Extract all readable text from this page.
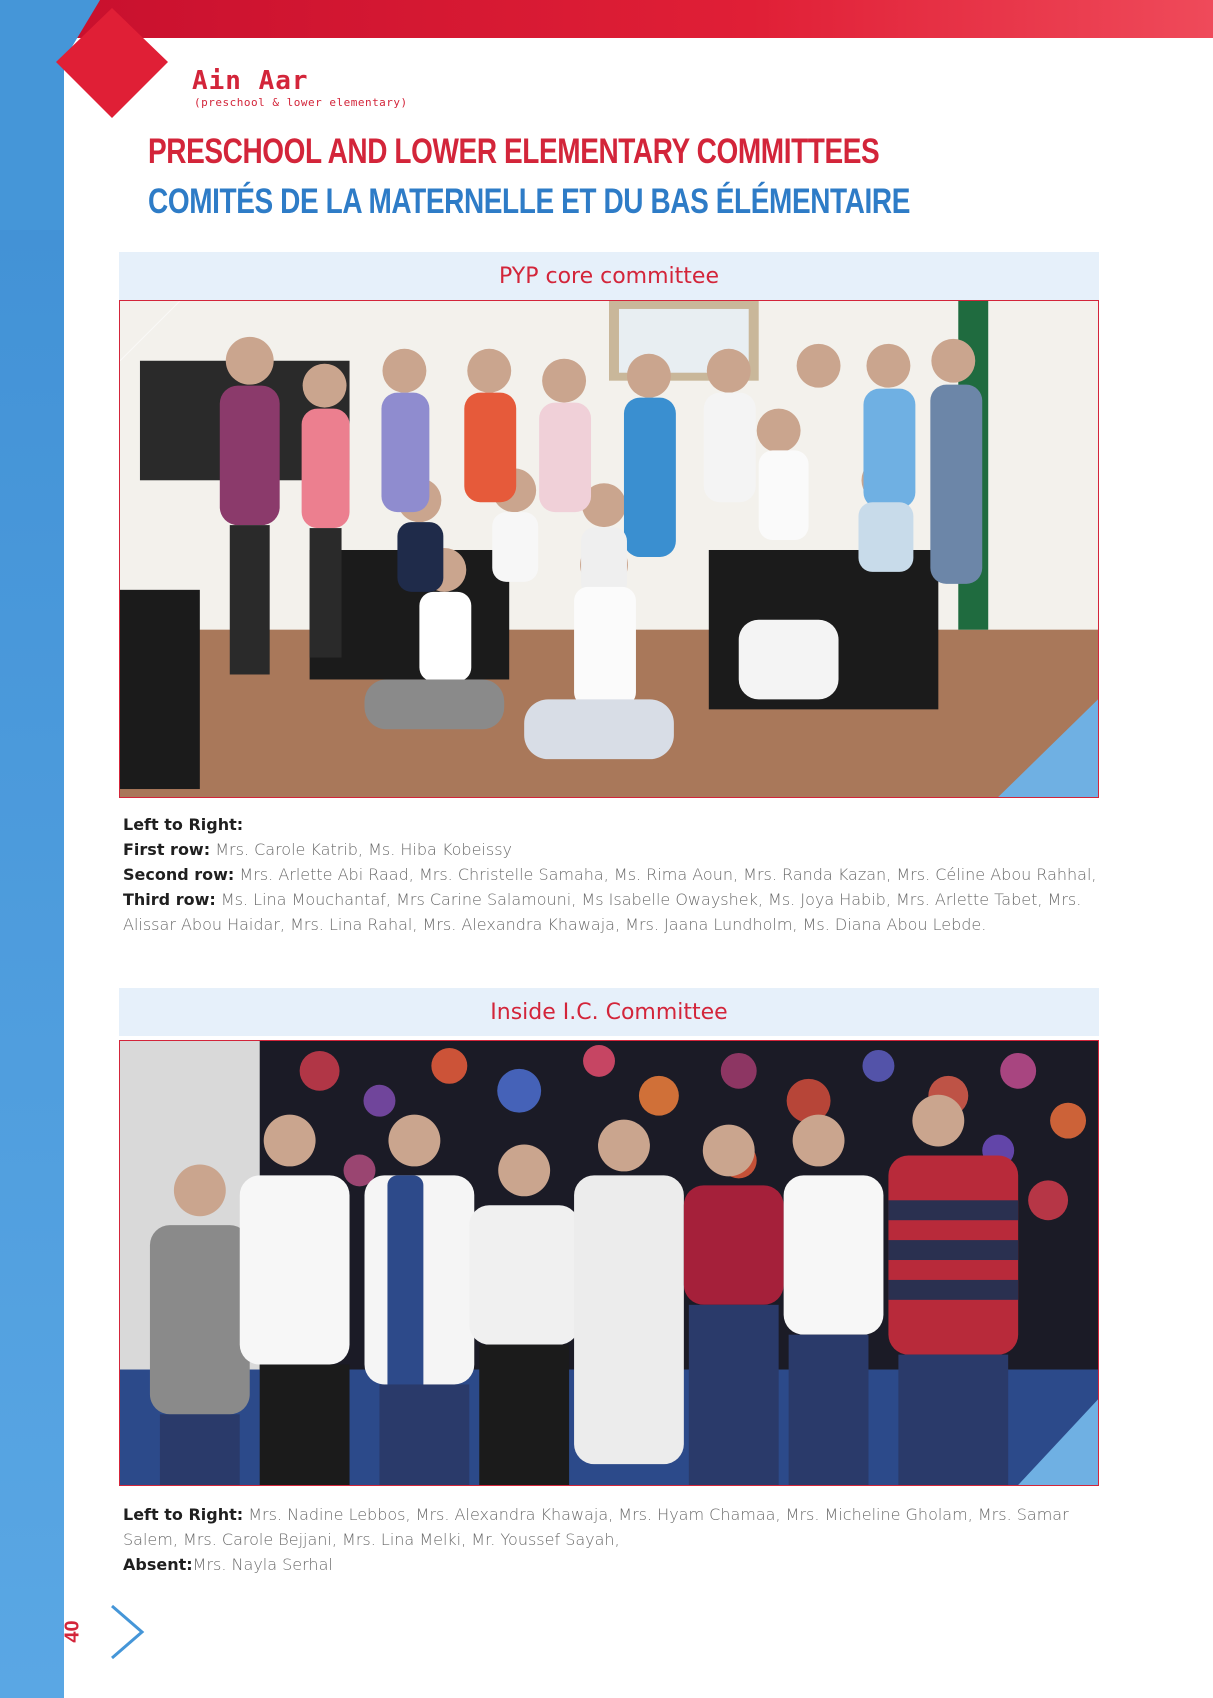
Ain Aar
(preschool & lower elementary)
PRESCHOOL AND LOWER ELEMENTARY COMMITTEES
COMITÉS DE LA MATERNELLE ET DU BAS ÉLÉMENTAIRE
PYP core committee
Left to Right:
First row: Mrs. Carole Katrib, Ms. Hiba Kobeissy
Second row: Mrs. Arlette Abi Raad, Mrs. Christelle Samaha, Ms. Rima Aoun, Mrs. Randa Kazan, Mrs. Céline Abou Rahhal,
Third row: Ms. Lina Mouchantaf, Mrs Carine Salamouni, Ms Isabelle Owayshek, Ms. Joya Habib, Mrs. Arlette Tabet, Mrs. Alissar Abou Haidar, Mrs. Lina Rahal, Mrs. Alexandra Khawaja, Mrs. Jaana Lundholm, Ms. Diana Abou Lebde.
Inside I.C. Committee
Left to Right: Mrs. Nadine Lebbos, Mrs. Alexandra Khawaja, Mrs. Hyam Chamaa, Mrs. Micheline Gholam, Mrs. Samar Salem, Mrs. Carole Bejjani, Mrs. Lina Melki, Mr. Youssef Sayah,
Absent:Mrs. Nayla Serhal
40
